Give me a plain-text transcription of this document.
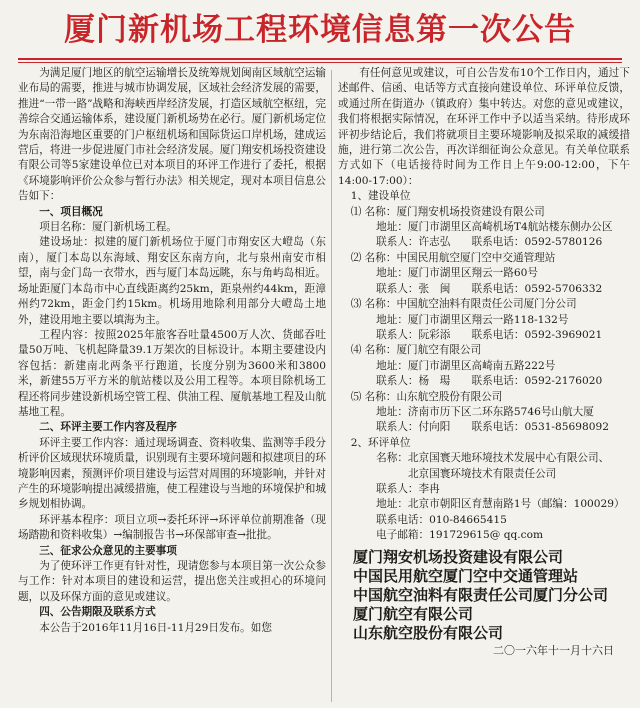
厦门新机场工程环境信息第一次公告

为满足厦门地区的航空运输增长及统筹规划闽南区域航空运输业布局的需要，推进与城市协调发展，区域社会经济发展的需要，推进“一带一路”战略和海峡西岸经济发展，打造区域航空枢纽，完善综合交通运输体系，建设厦门新机场势在必行。厦门新机场定位为东南沿海地区重要的门户枢纽机场和国际货运口岸机场，建成运营后，将进一步促进厦门市社会经济发展。厦门翔安机场投资建设有限公司等5家建设单位已对本项目的环评工作进行了委托，根据《环境影响评价公众参与暂行办法》相关规定，现对本项目信息公告如下：

一、项目概况

项目名称：厦门新机场工程。

建设场址：拟建的厦门新机场位于厦门市翔安区大嶝岛（东南），厦门本岛以东海域、翔安区东南方向，北与泉州南安市相望，南与金门岛一衣带水，西与厦门本岛远眺，东与角屿岛相近。场址距厦门本岛市中心直线距离约25km，距泉州约44km，距漳州约72km，距金门约15km。机场用地除利用部分大嶝岛土地外，建设用地主要以填海为主。

工程内容：按照2025年旅客吞吐量4500万人次、货邮吞吐量50万吨、飞机起降量39.1万架次的目标设计。本期主要建设内容包括：新建南北两条平行跑道，长度分别为3600米和3800米，新建55万平方米的航站楼以及公用工程等。本项目除机场工程还将同步建设新机场空管工程、供油工程、厦航基地工程及山航基地工程。

二、环评主要工作内容及程序

环评主要工作内容：通过现场调查、资料收集、监测等手段分析评价区域现状环境质量，识别现有主要环境问题和拟建项目的环境影响因素，预测评价项目建设与运营对周围的环境影响，并针对产生的环境影响提出减缓措施，使工程建设与当地的环境保护和城乡规划相协调。

环评基本程序：项目立项→委托环评→环评单位前期准备（现场踏勘和资料收集）→编制报告书→环保部审查→批批。

三、征求公众意见的主要事项

为了使环评工作更有针对性，现请您参与本项目第一次公众参与工作：针对本项目的建设和运营，提出您关注或担心的环境问题，以及环保方面的意见或建议。

四、公告期限及联系方式

本公告于2016年11月16日-11月29日发布。如您

有任何意见或建议，可自公告发布10个工作日内，通过下述邮件、信函、电话等方式直接向建设单位、环评单位反馈，或通过所在街道办（镇政府）集中转达。对您的意见或建议，我们将根据实际情况，在环评工作中予以适当采纳。待形成环评初步结论后，我们将就项目主要环境影响及拟采取的减缓措施，进行第二次公告，再次详细征询公众意见。有关单位联系方式如下（电话接待时间为工作日上午9:00-12:00，下午14:00-17:00）：

1、建设单位

⑴ 名称：厦门翔安机场投资建设有限公司

地址：厦门市湖里区高崎机场T4航站楼东侧办公区

联系人：许志弘　　联系电话：0592-5780126

⑵ 名称：中国民用航空厦门空中交通管理站

地址：厦门市湖里区翔云一路60号

联系人：张　闽　　联系电话：0592-5706332

⑶ 名称：中国航空油料有限责任公司厦门分公司

地址：厦门市湖里区翔云一路118-132号

联系人：阮彩添　　联系电话：0592-3969021

⑷ 名称：厦门航空有限公司

地址：厦门市湖里区高崎南五路222号

联系人：杨　瑒　　联系电话：0592-2176020

⑸ 名称：山东航空股份有限公司

地址：济南市历下区二环东路5746号山航大厦

联系人：付向阳　　联系电话：0531-85698092

2、环评单位

名称：北京国寰天地环境技术发展中心有限公司、

北京国寰环境技术有限责任公司

联系人：李冉

地址：北京市朝阳区育慧南路1号（邮编：100029）

联系电话：010-84665415

电子邮箱：191729615@ qq.com

厦门翔安机场投资建设有限公司

中国民用航空厦门空中交通管理站

中国航空油料有限责任公司厦门分公司

厦门航空有限公司

山东航空股份有限公司

二〇一六年十一月十六日
